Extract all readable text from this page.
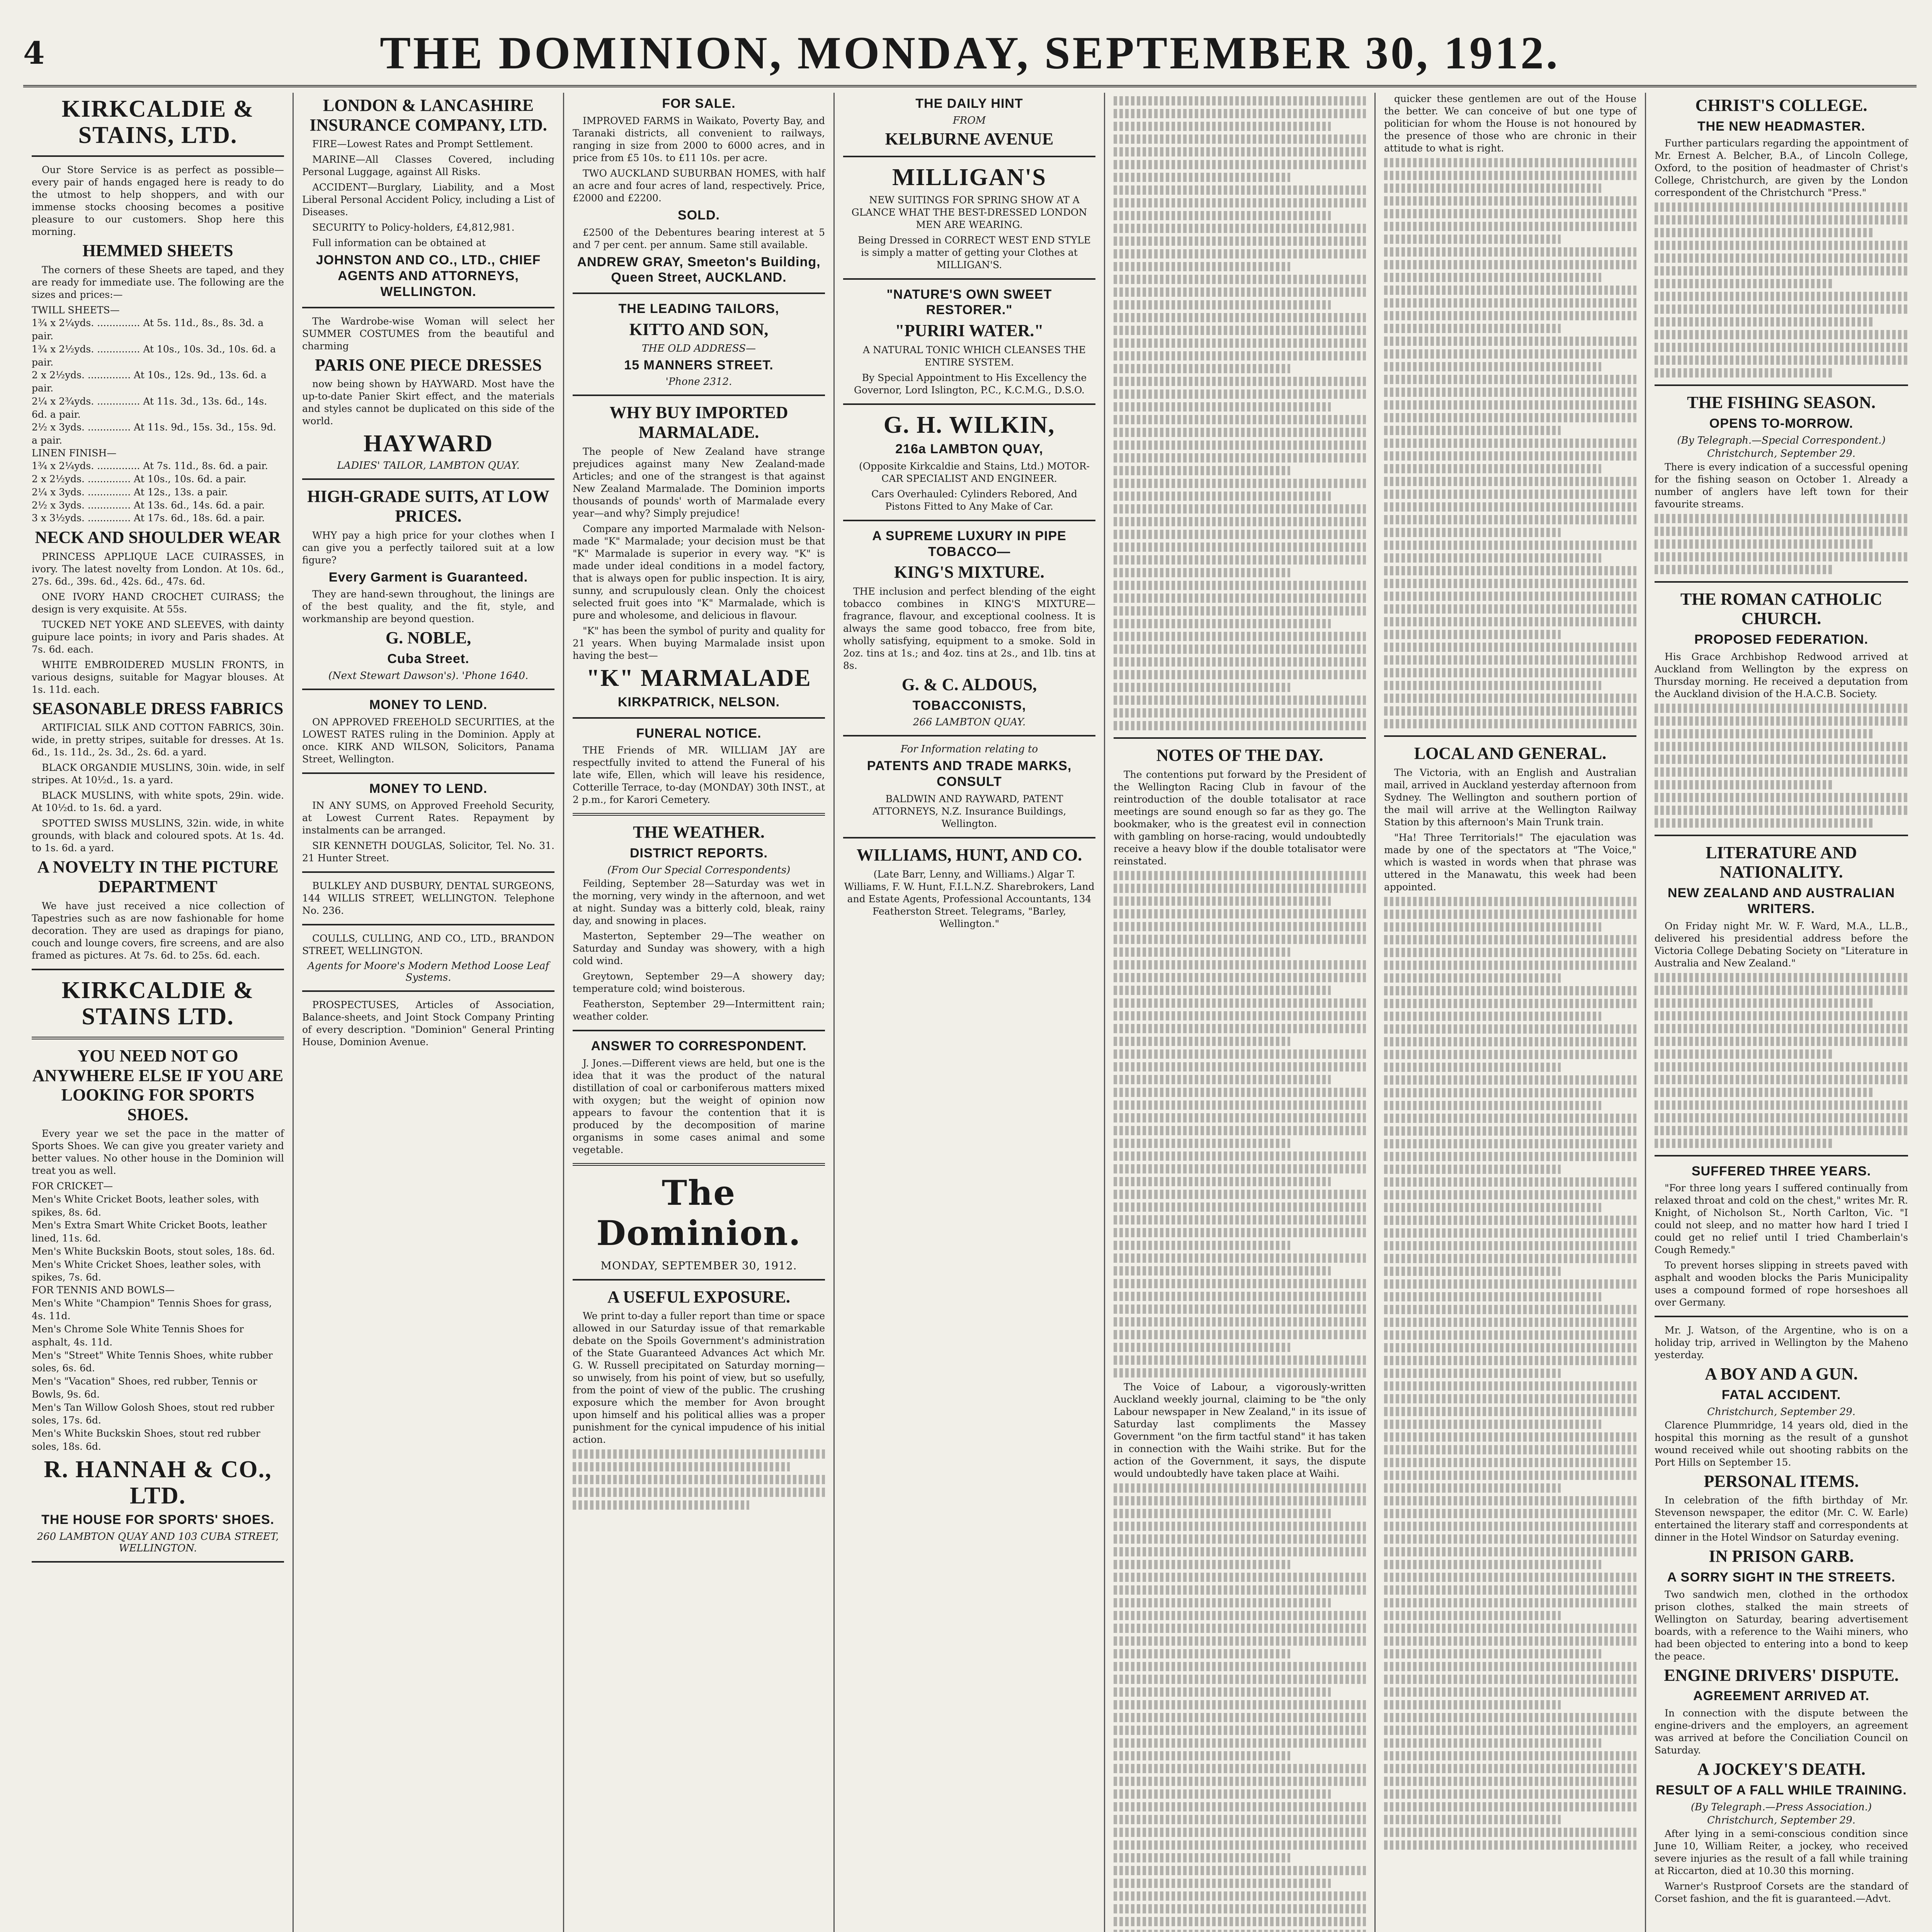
4	THE DOMINION, MONDAY, SEPTEMBER 30, 1912.
KIRKCALDIE & STAINS, LTD.

Our Store Service is as perfect as possible—every pair of hands engaged here is ready to do the utmost to help shoppers, and with our immense stocks choosing becomes a positive pleasure to our customers. Shop here this morning.

HEMMED SHEETS

The corners of these Sheets are taped, and they are ready for immediate use. The following are the sizes and prices:—

TWILL SHEETS—

1¾ x 2¼yds. .............. At 5s. 11d., 8s., 8s. 3d. a pair.

1¾ x 2½yds. .............. At 10s., 10s. 3d., 10s. 6d. a pair.

2 x 2½yds. .............. At 10s., 12s. 9d., 13s. 6d. a pair.

2¼ x 2¾yds. .............. At 11s. 3d., 13s. 6d., 14s. 6d. a pair.

2½ x 3yds. .............. At 11s. 9d., 15s. 3d., 15s. 9d. a pair.

LINEN FINISH—

1¾ x 2¼yds. .............. At 7s. 11d., 8s. 6d. a pair.

2 x 2½yds. .............. At 10s., 10s. 6d. a pair.

2¼ x 3yds. .............. At 12s., 13s. a pair.

2½ x 3yds. .............. At 13s. 6d., 14s. 6d. a pair.

3 x 3½yds. .............. At 17s. 6d., 18s. 6d. a pair.

NECK AND SHOULDER WEAR

PRINCESS APPLIQUE LACE CUIRASSES, in ivory. The latest novelty from London. At 10s. 6d., 27s. 6d., 39s. 6d., 42s. 6d., 47s. 6d.

ONE IVORY HAND CROCHET CUIRASS; the design is very exquisite. At 55s.

TUCKED NET YOKE AND SLEEVES, with dainty guipure lace points; in ivory and Paris shades. At 7s. 6d. each.

WHITE EMBROIDERED MUSLIN FRONTS, in various designs, suitable for Magyar blouses. At 1s. 11d. each.

SEASONABLE DRESS FABRICS

ARTIFICIAL SILK AND COTTON FABRICS, 30in. wide, in pretty stripes, suitable for dresses. At 1s. 6d., 1s. 11d., 2s. 3d., 2s. 6d. a yard.

BLACK ORGANDIE MUSLINS, 30in. wide, in self stripes. At 10½d., 1s. a yard.

BLACK MUSLINS, with white spots, 29in. wide. At 10½d. to 1s. 6d. a yard.

SPOTTED SWISS MUSLINS, 32in. wide, in white grounds, with black and coloured spots. At 1s. 4d. to 1s. 6d. a yard.

A NOVELTY IN THE PICTURE DEPARTMENT

We have just received a nice collection of Tapestries such as are now fashionable for home decoration. They are used as drapings for piano, couch and lounge covers, fire screens, and are also framed as pictures. At 7s. 6d. to 25s. 6d. each.

KIRKCALDIE & STAINS LTD.
YOU NEED NOT GO ANYWHERE ELSE IF YOU ARE LOOKING FOR SPORTS SHOES.

Every year we set the pace in the matter of Sports Shoes. We can give you greater variety and better values. No other house in the Dominion will treat you as well.

FOR CRICKET—

Men's White Cricket Boots, leather soles, with spikes, 8s. 6d.

Men's Extra Smart White Cricket Boots, leather lined, 11s. 6d.

Men's White Buckskin Boots, stout soles, 18s. 6d.

Men's White Cricket Shoes, leather soles, with spikes, 7s. 6d.

FOR TENNIS AND BOWLS—

Men's White "Champion" Tennis Shoes for grass, 4s. 11d.

Men's Chrome Sole White Tennis Shoes for asphalt, 4s. 11d.

Men's "Street" White Tennis Shoes, white rubber soles, 6s. 6d.

Men's "Vacation" Shoes, red rubber, Tennis or Bowls, 9s. 6d.

Men's Tan Willow Golosh Shoes, stout red rubber soles, 17s. 6d.

Men's White Buckskin Shoes, stout red rubber soles, 18s. 6d.

R. HANNAH & CO., LTD.
THE HOUSE FOR SPORTS' SHOES.
260 LAMBTON QUAY AND 103 CUBA STREET, WELLINGTON.
LONDON & LANCASHIRE INSURANCE COMPANY, LTD.

FIRE—Lowest Rates and Prompt Settlement.

MARINE—All Classes Covered, including Personal Luggage, against All Risks.

ACCIDENT—Burglary, Liability, and a Most Liberal Personal Accident Policy, including a List of Diseases.

SECURITY to Policy-holders, £4,812,981.

Full information can be obtained at

JOHNSTON AND CO., LTD., CHIEF AGENTS AND ATTORNEYS, WELLINGTON.

The Wardrobe-wise Woman will select her SUMMER COSTUMES from the beautiful and charming

PARIS ONE PIECE DRESSES

now being shown by HAYWARD. Most have the up-to-date Panier Skirt effect, and the materials and styles cannot be duplicated on this side of the world.

HAYWARD
LADIES' TAILOR, LAMBTON QUAY.
HIGH-GRADE SUITS, AT LOW PRICES.

WHY pay a high price for your clothes when I can give you a perfectly tailored suit at a low figure?

Every Garment is Guaranteed.

They are hand-sewn throughout, the linings are of the best quality, and the fit, style, and workmanship are beyond question.

G. NOBLE,
Cuba Street.
(Next Stewart Dawson's). 'Phone 1640.
MONEY TO LEND.

ON APPROVED FREEHOLD SECURITIES, at the LOWEST RATES ruling in the Dominion. Apply at once. KIRK AND WILSON, Solicitors, Panama Street, Wellington.

MONEY TO LEND.

IN ANY SUMS, on Approved Freehold Security, at Lowest Current Rates. Repayment by instalments can be arranged.

SIR KENNETH DOUGLAS, Solicitor, Tel. No. 31. 21 Hunter Street.

BULKLEY AND DUSBURY, DENTAL SURGEONS, 144 WILLIS STREET, WELLINGTON. Telephone No. 236.

COULLS, CULLING, AND CO., LTD., BRANDON STREET, WELLINGTON.

Agents for Moore's Modern Method Loose Leaf Systems.

PROSPECTUSES, Articles of Association, Balance-sheets, and Joint Stock Company Printing of every description. "Dominion" General Printing House, Dominion Avenue.

FOR SALE.

IMPROVED FARMS in Waikato, Poverty Bay, and Taranaki districts, all convenient to railways, ranging in size from 2000 to 6000 acres, and in price from £5 10s. to £11 10s. per acre.

TWO AUCKLAND SUBURBAN HOMES, with half an acre and four acres of land, respectively. Price, £2000 and £2200.

SOLD.

£2500 of the Debentures bearing interest at 5 and 7 per cent. per annum. Same still available.

ANDREW GRAY, Smeeton's Building, Queen Street, AUCKLAND.
THE LEADING TAILORS,
KITTO AND SON,
THE OLD ADDRESS—
15 MANNERS STREET.
'Phone 2312.
WHY BUY IMPORTED MARMALADE.

The people of New Zealand have strange prejudices against many New Zealand-made Articles; and one of the strangest is that against New Zealand Marmalade. The Dominion imports thousands of pounds' worth of Marmalade every year—and why? Simply prejudice!

Compare any imported Marmalade with Nelson-made "K" Marmalade; your decision must be that "K" Marmalade is superior in every way. "K" is made under ideal conditions in a model factory, that is always open for public inspection. It is airy, sunny, and scrupulously clean. Only the choicest selected fruit goes into "K" Marmalade, which is pure and wholesome, and delicious in flavour.

"K" has been the symbol of purity and quality for 21 years. When buying Marmalade insist upon having the best—

"K" MARMALADE
KIRKPATRICK, NELSON.
FUNERAL NOTICE.

THE Friends of MR. WILLIAM JAY are respectfully invited to attend the Funeral of his late wife, Ellen, which will leave his residence, Cotterille Terrace, to-day (MONDAY) 30th INST., at 2 p.m., for Karori Cemetery.

THE WEATHER.
DISTRICT REPORTS.
(From Our Special Correspondents)

Feilding, September 28—Saturday was wet in the morning, very windy in the afternoon, and wet at night. Sunday was a bitterly cold, bleak, rainy day, and snowing in places.

Masterton, September 29—The weather on Saturday and Sunday was showery, with a high cold wind.

Greytown, September 29—A showery day; temperature cold; wind boisterous.

Featherston, September 29—Intermittent rain; weather colder.

ANSWER TO CORRESPONDENT.

J. Jones.—Different views are held, but one is the idea that it was the product of the natural distillation of coal or carboniferous matters mixed with oxygen; but the weight of opinion now appears to favour the contention that it is produced by the decomposition of marine organisms in some cases animal and some vegetable.

The Dominion.
MONDAY, SEPTEMBER 30, 1912.
A USEFUL EXPOSURE.

We print to-day a fuller report than time or space allowed in our Saturday issue of that remarkable debate on the Spoils Government's administration of the State Guaranteed Advances Act which Mr. G. W. Russell precipitated on Saturday morning—so unwisely, from his point of view, but so usefully, from the point of view of the public. The crushing exposure which the member for Avon brought upon himself and his political allies was a proper punishment for the cynical impudence of his initial action.

THE DAILY HINT
FROM
KELBURNE AVENUE
MILLIGAN'S

NEW SUITINGS FOR SPRING SHOW AT A GLANCE WHAT THE BEST-DRESSED LONDON MEN ARE WEARING.

Being Dressed in CORRECT WEST END STYLE is simply a matter of getting your Clothes at MILLIGAN'S.

"NATURE'S OWN SWEET RESTORER."
"PURIRI WATER."

A NATURAL TONIC WHICH CLEANSES THE ENTIRE SYSTEM.

By Special Appointment to His Excellency the Governor, Lord Islington, P.C., K.C.M.G., D.S.O.

G. H. WILKIN,
216a LAMBTON QUAY,

(Opposite Kirkcaldie and Stains, Ltd.) MOTOR-CAR SPECIALIST AND ENGINEER.

Cars Overhauled: Cylinders Rebored, And Pistons Fitted to Any Make of Car.

A SUPREME LUXURY IN PIPE TOBACCO—
KING'S MIXTURE.

THE inclusion and perfect blending of the eight tobacco combines in KING'S MIXTURE—fragrance, flavour, and exceptional coolness. It is always the same good tobacco, free from bite, wholly satisfying, equipment to a smoke. Sold in 2oz. tins at 1s.; and 4oz. tins at 2s., and 1lb. tins at 8s.

G. & C. ALDOUS,
TOBACCONISTS,
266 LAMBTON QUAY.
For Information relating to
PATENTS AND TRADE MARKS, CONSULT

BALDWIN AND RAYWARD, PATENT ATTORNEYS, N.Z. Insurance Buildings, Wellington.

WILLIAMS, HUNT, AND CO.

(Late Barr, Lenny, and Williams.) Algar T. Williams, F. W. Hunt, F.I.L.N.Z. Sharebrokers, Land and Estate Agents, Professional Accountants, 134 Featherston Street. Telegrams, "Barley, Wellington."

NOTES OF THE DAY.

The contentions put forward by the President of the Wellington Racing Club in favour of the reintroduction of the double totalisator at race meetings are sound enough so far as they go. The bookmaker, who is the greatest evil in connection with gambling on horse-racing, would undoubtedly receive a heavy blow if the double totalisator were reinstated.

The Voice of Labour, a vigorously-written Auckland weekly journal, claiming to be "the only Labour newspaper in New Zealand," in its issue of Saturday last compliments the Massey Government "on the firm tactful stand" it has taken in connection with the Waihi strike. But for the action of the Government, it says, the dispute would undoubtedly have taken place at Waihi.

quicker these gentlemen are out of the House the better. We can conceive of but one type of politician for whom the House is not honoured by the presence of those who are chronic in their attitude to what is right.

LOCAL AND GENERAL.

The Victoria, with an English and Australian mail, arrived in Auckland yesterday afternoon from Sydney. The Wellington and southern portion of the mail will arrive at the Wellington Railway Station by this afternoon's Main Trunk train.

"Ha! Three Territorials!" The ejaculation was made by one of the spectators at "The Voice," which is wasted in words when that phrase was uttered in the Manawatu, this week had been appointed.

CHRIST'S COLLEGE.
THE NEW HEADMASTER.

Further particulars regarding the appointment of Mr. Ernest A. Belcher, B.A., of Lincoln College, Oxford, to the position of headmaster of Christ's College, Christchurch, are given by the London correspondent of the Christchurch "Press."

THE FISHING SEASON.
OPENS TO-MORROW.
(By Telegraph.—Special Correspondent.)
Christchurch, September 29.

There is every indication of a successful opening for the fishing season on October 1. Already a number of anglers have left town for their favourite streams.

THE ROMAN CATHOLIC CHURCH.
PROPOSED FEDERATION.

His Grace Archbishop Redwood arrived at Auckland from Wellington by the express on Thursday morning. He received a deputation from the Auckland division of the H.A.C.B. Society.

LITERATURE AND NATIONALITY.
NEW ZEALAND AND AUSTRALIAN WRITERS.

On Friday night Mr. W. F. Ward, M.A., LL.B., delivered his presidential address before the Victoria College Debating Society on "Literature in Australia and New Zealand."

SUFFERED THREE YEARS.

"For three long years I suffered continually from relaxed throat and cold on the chest," writes Mr. R. Knight, of Nicholson St., North Carlton, Vic. "I could not sleep, and no matter how hard I tried I could get no relief until I tried Chamberlain's Cough Remedy."

To prevent horses slipping in streets paved with asphalt and wooden blocks the Paris Municipality uses a compound formed of rope horseshoes all over Germany.

Mr. J. Watson, of the Argentine, who is on a holiday trip, arrived in Wellington by the Maheno yesterday.

A BOY AND A GUN.
FATAL ACCIDENT.
Christchurch, September 29.

Clarence Plummridge, 14 years old, died in the hospital this morning as the result of a gunshot wound received while out shooting rabbits on the Port Hills on September 15.

PERSONAL ITEMS.

In celebration of the fifth birthday of Mr. Stevenson newspaper, the editor (Mr. C. W. Earle) entertained the literary staff and correspondents at dinner in the Hotel Windsor on Saturday evening.

IN PRISON GARB.
A SORRY SIGHT IN THE STREETS.

Two sandwich men, clothed in the orthodox prison clothes, stalked the main streets of Wellington on Saturday, bearing advertisement boards, with a reference to the Waihi miners, who had been objected to entering into a bond to keep the peace.

ENGINE DRIVERS' DISPUTE.
AGREEMENT ARRIVED AT.

In connection with the dispute between the engine-drivers and the employers, an agreement was arrived at before the Conciliation Council on Saturday.

A JOCKEY'S DEATH.
RESULT OF A FALL WHILE TRAINING.
(By Telegraph.—Press Association.)
Christchurch, September 29.

After lying in a semi-conscious condition since June 10, William Reiter, a jockey, who received severe injuries as the result of a fall while training at Riccarton, died at 10.30 this morning.

Warner's Rustproof Corsets are the standard of Corset fashion, and the fit is guaranteed.—Advt.
